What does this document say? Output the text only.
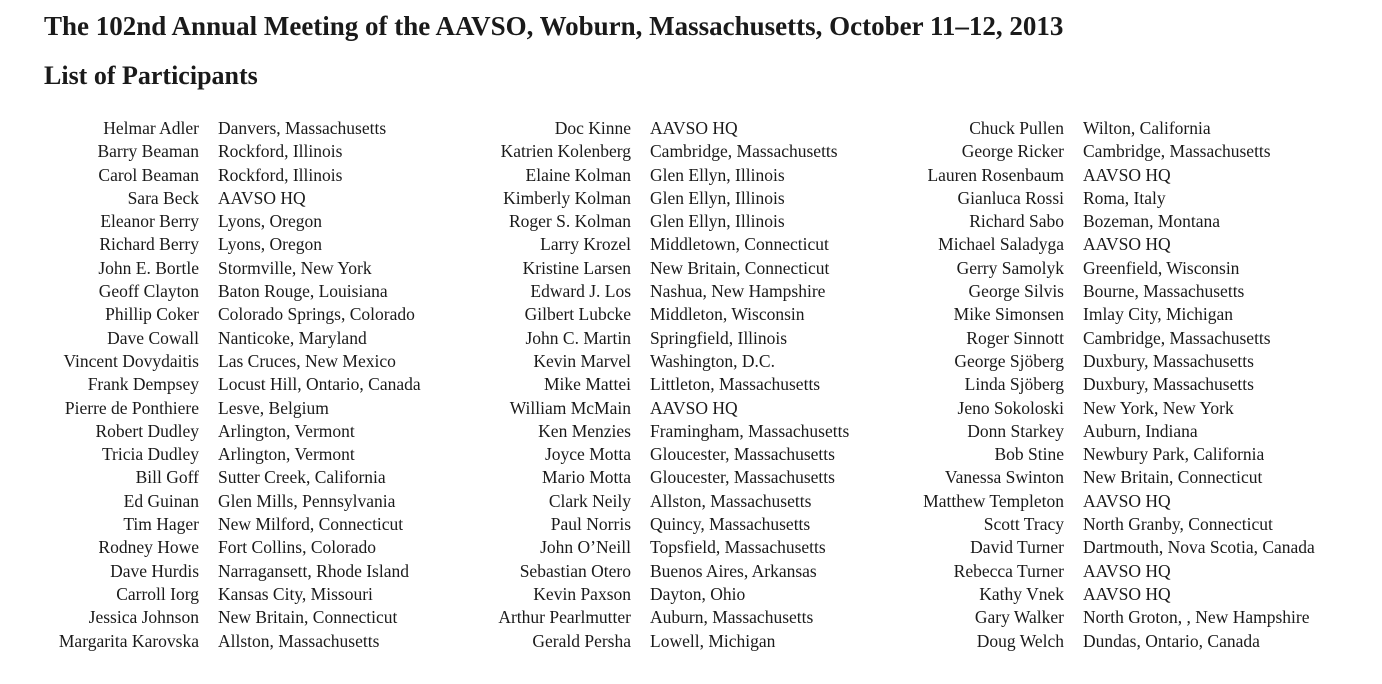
The 102nd Annual Meeting of the AAVSO, Woburn, Massachusetts, October 11–12, 2013
List of Participants
Helmar Adler Danvers, Massachusetts
Barry Beaman Rockford, Illinois
Carol Beaman Rockford, Illinois
Sara Beck AAVSO HQ
Eleanor Berry Lyons, Oregon
Richard Berry Lyons, Oregon
John E. Bortle Stormville, New York
Geoff Clayton Baton Rouge, Louisiana
Phillip Coker Colorado Springs, Colorado
Dave Cowall Nanticoke, Maryland
Vincent Dovydaitis Las Cruces, New Mexico
Frank Dempsey Locust Hill, Ontario, Canada
Pierre de Ponthiere Lesve, Belgium
Robert Dudley Arlington, Vermont
Tricia Dudley Arlington, Vermont
Bill Goff Sutter Creek, California
Ed Guinan Glen Mills, Pennsylvania
Tim Hager New Milford, Connecticut
Rodney Howe Fort Collins, Colorado
Dave Hurdis Narragansett, Rhode Island
Carroll Iorg Kansas City, Missouri
Jessica Johnson New Britain, Connecticut
Margarita Karovska Allston, Massachusetts
Doc Kinne AAVSO HQ
Katrien Kolenberg Cambridge, Massachusetts
Elaine Kolman Glen Ellyn, Illinois
Kimberly Kolman Glen Ellyn, Illinois
Roger S. Kolman Glen Ellyn, Illinois
Larry Krozel Middletown, Connecticut
Kristine Larsen New Britain, Connecticut
Edward J. Los Nashua, New Hampshire
Gilbert Lubcke Middleton, Wisconsin
John C. Martin Springfield, Illinois
Kevin Marvel Washington, D.C.
Mike Mattei Littleton, Massachusetts
William McMain AAVSO HQ
Ken Menzies Framingham, Massachusetts
Joyce Motta Gloucester, Massachusetts
Mario Motta Gloucester, Massachusetts
Clark Neily Allston, Massachusetts
Paul Norris Quincy, Massachusetts
John O’Neill Topsfield, Massachusetts
Sebastian Otero Buenos Aires, Arkansas
Kevin Paxson Dayton, Ohio
Arthur Pearlmutter Auburn, Massachusetts
Gerald Persha Lowell, Michigan
Chuck Pullen Wilton, California
George Ricker Cambridge, Massachusetts
Lauren Rosenbaum AAVSO HQ
Gianluca Rossi Roma, Italy
Richard Sabo Bozeman, Montana
Michael Saladyga AAVSO HQ
Gerry Samolyk Greenfield, Wisconsin
George Silvis Bourne, Massachusetts
Mike Simonsen Imlay City, Michigan
Roger Sinnott Cambridge, Massachusetts
George Sjöberg Duxbury, Massachusetts
Linda Sjöberg Duxbury, Massachusetts
Jeno Sokoloski New York, New York
Donn Starkey Auburn, Indiana
Bob Stine Newbury Park, California
Vanessa Swinton New Britain, Connecticut
Matthew Templeton AAVSO HQ
Scott Tracy North Granby, Connecticut
David Turner Dartmouth, Nova Scotia, Canada
Rebecca Turner AAVSO HQ
Kathy Vnek AAVSO HQ
Gary Walker North Groton, , New Hampshire
Doug Welch Dundas, Ontario, Canada
